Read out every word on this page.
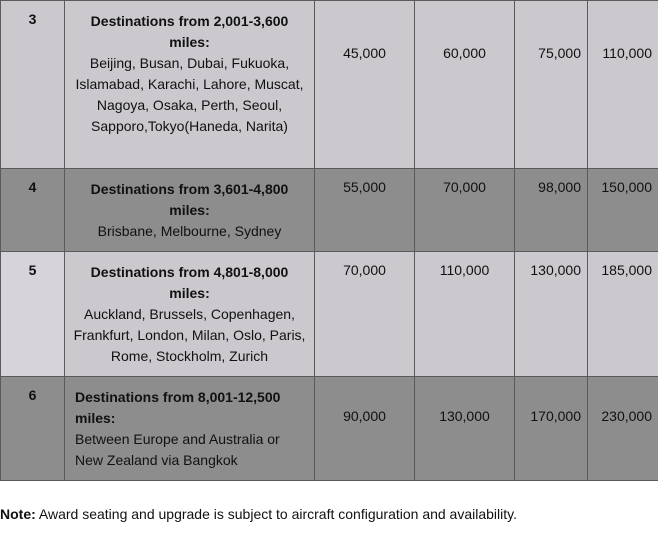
3	Destinations from 2,001-3,600 miles:
Beijing, Busan, Dubai, Fukuoka, Islamabad, Karachi, Lahore, Muscat, Nagoya, Osaka, Perth, Seoul, Sapporo,Tokyo(Haneda, Narita)	45,000	60,000	75,000	110,000
4	Destinations from 3,601-4,800 miles:
Brisbane, Melbourne, Sydney	55,000	70,000	98,000	150,000
5	Destinations from 4,801-8,000 miles:
Auckland, Brussels, Copenhagen, Frankfurt, London, Milan, Oslo, Paris, Rome, Stockholm, Zurich	70,000	110,000	130,000	185,000
6	Destinations from 8,001-12,500 miles:
Between Europe and Australia or New Zealand via Bangkok	90,000	130,000	170,000	230,000
Note: Award seating and upgrade is subject to aircraft configuration and availability.
